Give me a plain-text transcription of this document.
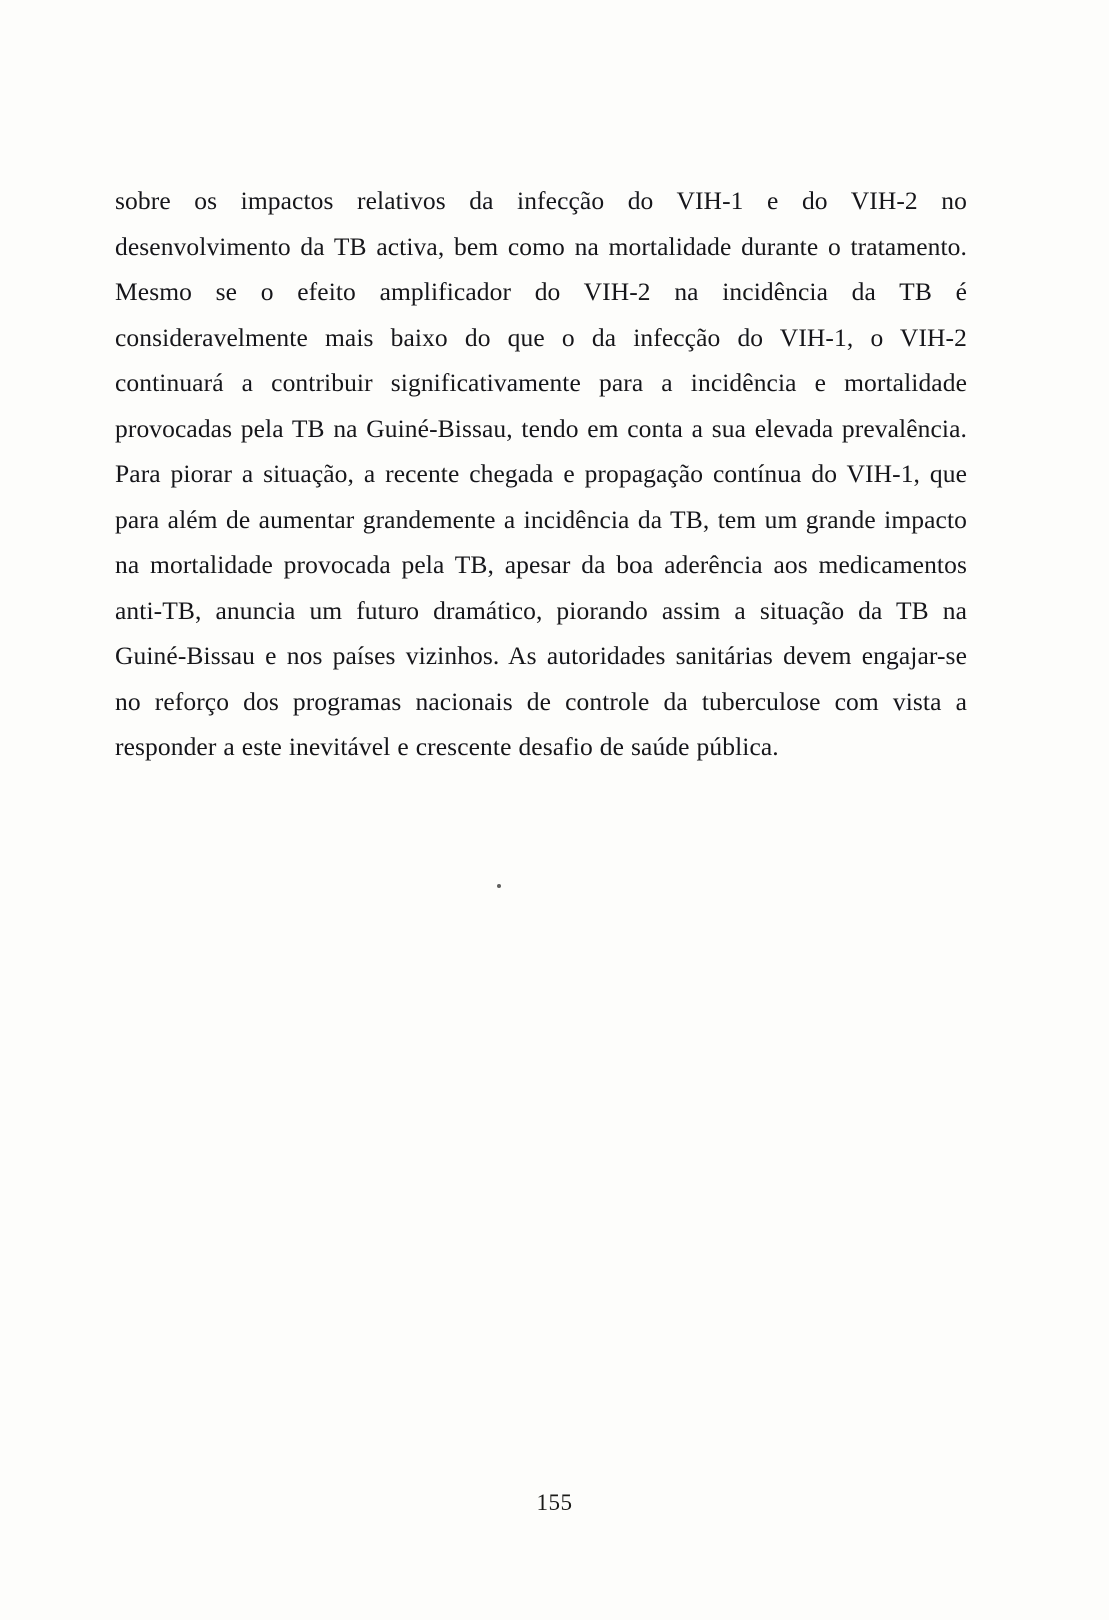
sobre os impactos relativos da infecção do VIH-1 e do VIH-2 no desenvolvimento da TB activa, bem como na mortalidade durante o tratamento. Mesmo se o efeito amplificador do VIH-2 na incidência da TB é consideravelmente mais baixo do que o da infecção do VIH-1, o VIH-2 continuará a contribuir significativamente para a incidência e mortalidade provocadas pela TB na Guiné-Bissau, tendo em conta a sua elevada prevalência. Para piorar a situação, a recente chegada e propagação contínua do VIH-1, que para além de aumentar grandemente a incidência da TB, tem um grande impacto na mortalidade provocada pela TB, apesar da boa aderência aos medicamentos anti-TB, anuncia um futuro dramático, piorando assim a situação da TB na Guiné-Bissau e nos países vizinhos. As autoridades sanitárias devem engajar-se no reforço dos programas nacionais de controle da tuberculose com vista a responder a este inevitável e crescente desafio de saúde pública.

155
